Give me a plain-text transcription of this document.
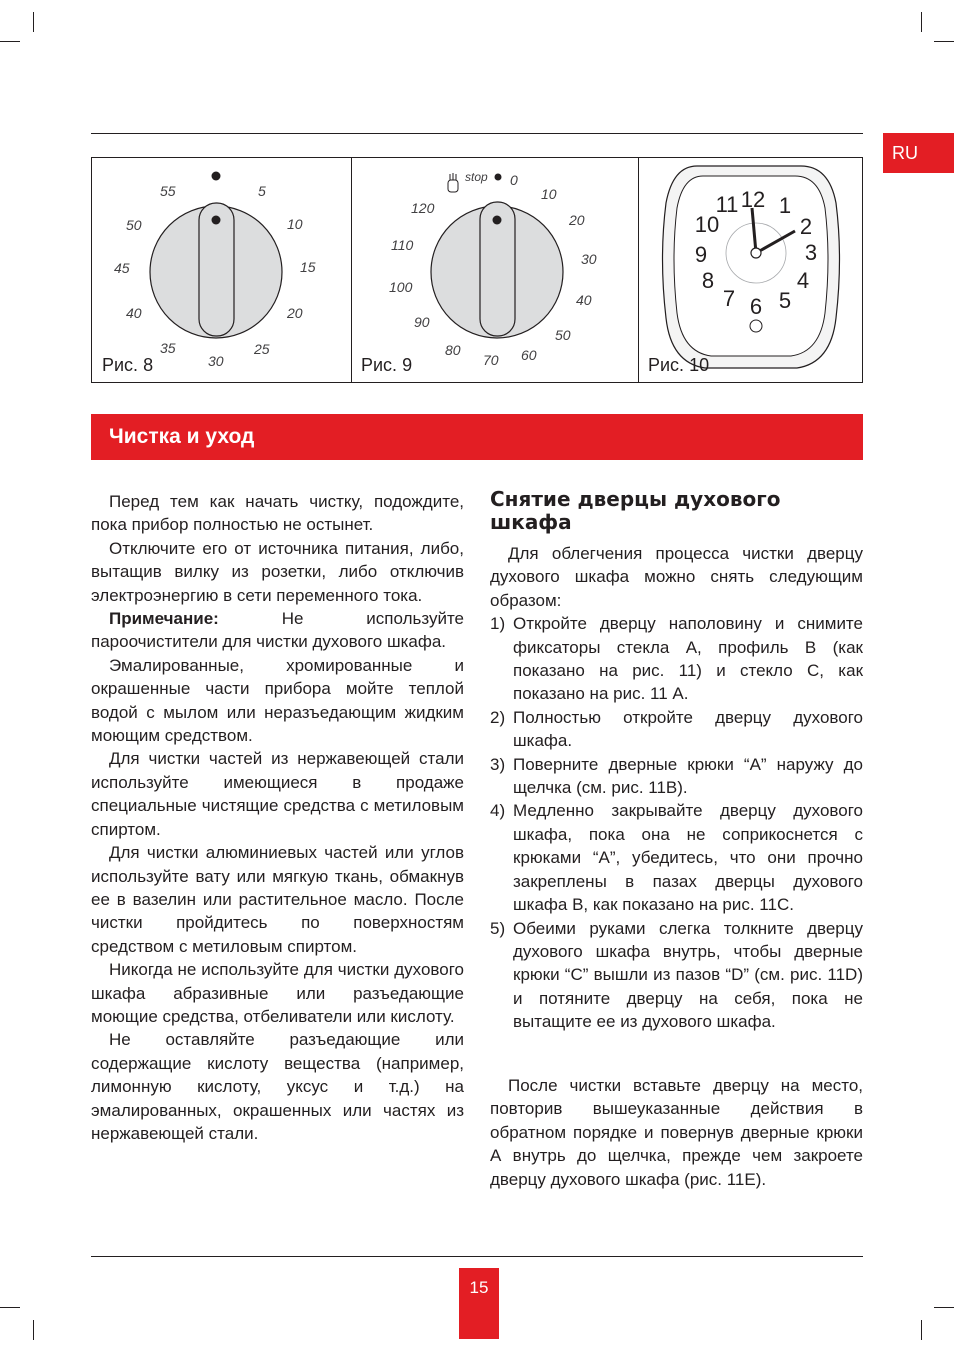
RU
55	5
50	10
45	15
40	20
35	25
30
Рис. 8
stop 0
10
120
20
110
30
100
40
90
50
80	60
70
Рис. 9
12 1
2
3
4
5
6
7
8
9
10
11
Рис. 10
Чистка и уход

Перед тем как начать чистку, подождите, пока прибор полностью не остынет.

Отключите его от источника питания, либо, вытащив вилку из розетки, либо отключив электроэнергию в сети переменного тока.

Примечание: Не используйте пароочистители для чистки духового шкафа.

Эмалированные, хромированные и окрашенные части прибора мойте теплой водой с мылом или неразъедающим жидким моющим средством.

Для чистки частей из нержавеющей стали используйте имеющиеся в продаже специальные чистящие средства с метиловым спиртом.

Для чистки алюминиевых частей или углов используйте вату или мягкую ткань, обмакнув ее в вазелин или растительное масло. После чистки пройдитесь по поверхностям средством с метиловым спиртом.

Никогда не используйте для чистки духового шкафа абразивные или разъедающие моющие средства, отбеливатели или кислоту.

Не оставляйте разъедающие или содержащие кислоту вещества (например, лимонную кислоту, уксус и т.д.) на эмалированных, окрашенных или частях из нержавеющей стали.

Снятие дверцы духового шкафа

Для облегчения процесса чистки дверцу духового шкафа можно снять следующим образом:

1) Откройте дверцу наполовину и снимите фиксаторы стекла А, профиль В (как показано на рис. 11) и стекло С, как показано на рис. 11 А.
2) Полностью откройте дверцу духового шкафа.
3) Поверните дверные крюки “A” наружу до щелчка (см. рис. 11B).
4) Медленно закрывайте дверцу духового шкафа, пока она не соприкоснется с крюками “A”, убедитесь, что они прочно закреплены в пазах дверцы духового шкафа В, как показано на рис. 11C.
5) Обеими руками слегка толкните дверцу духового шкафа внутрь, чтобы дверные крюки “C” вышли из пазов “D” (см. рис. 11D) и потяните дверцу на себя, пока не вытащите ее из духового шкафа.

После чистки вставьте дверцу на место, повторив вышеуказанные действия в обратном порядке и повернув дверные крюки А внутрь до щелчка, прежде чем закроете дверцу духового шкафа (рис. 11E).

15
